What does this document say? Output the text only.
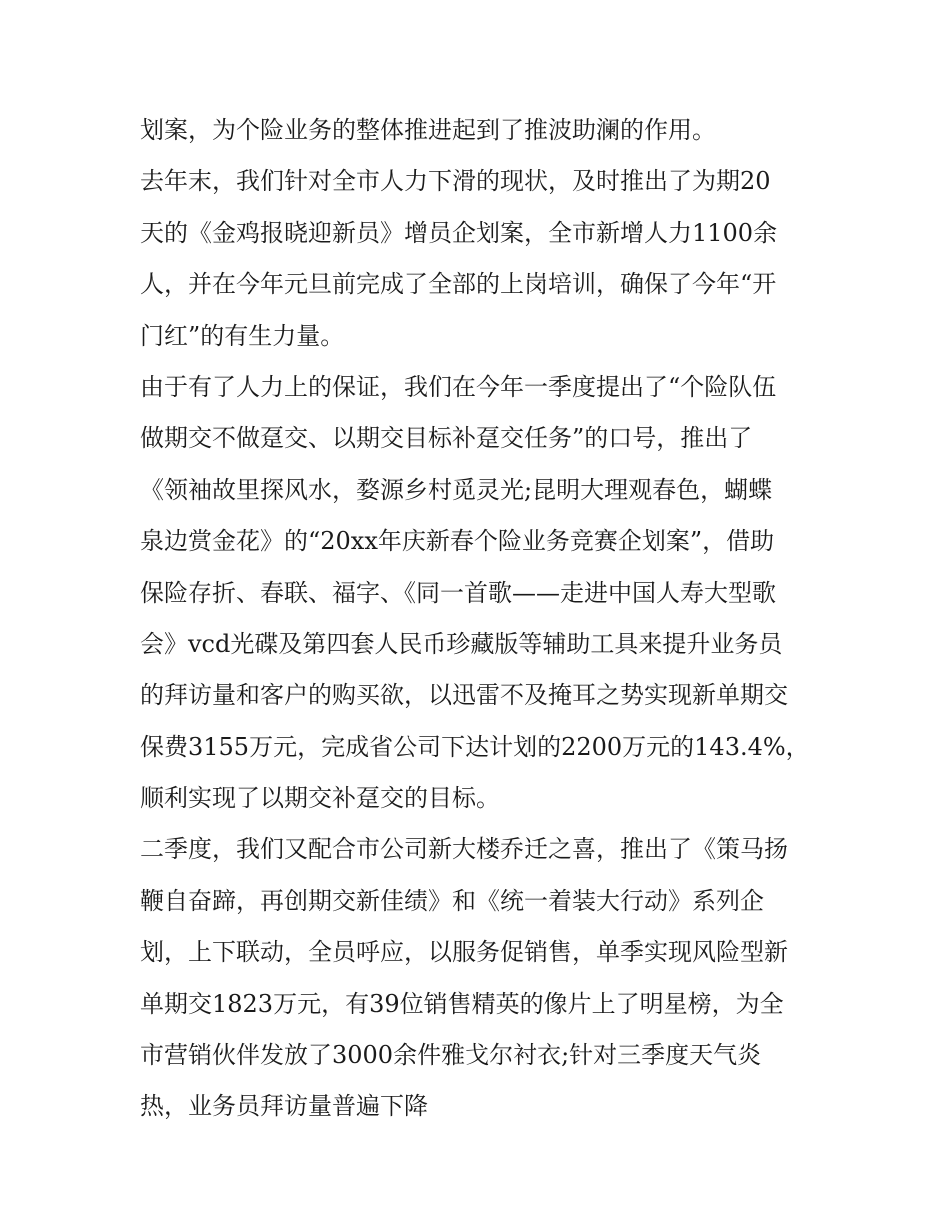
划案，为个险业务的整体推进起到了推波助澜的作用。
去年末，我们针对全市人力下滑的现状，及时推出了为期20
天的《金鸡报晓迎新员》增员企划案，全市新增人力1100余
人，并在今年元旦前完成了全部的上岗培训，确保了今年“开
门红”的有生力量。
由于有了人力上的保证，我们在今年一季度提出了“个险队伍
做期交不做趸交、以期交目标补趸交任务”的口号，推出了
《领袖故里探风水，婺源乡村觅灵光;昆明大理观春色，蝴蝶
泉边赏金花》的“20xx年庆新春个险业务竞赛企划案”，借助
保险存折、春联、福字、《同一首歌——走进中国人寿大型歌
会》vcd光碟及第四套人民币珍藏版等辅助工具来提升业务员
的拜访量和客户的购买欲，以迅雷不及掩耳之势实现新单期交
保费3155万元，完成省公司下达计划的2200万元的143.4%，
顺利实现了以期交补趸交的目标。
二季度，我们又配合市公司新大楼乔迁之喜，推出了《策马扬
鞭自奋蹄，再创期交新佳绩》和《统一着装大行动》系列企
划，上下联动，全员呼应，以服务促销售，单季实现风险型新
单期交1823万元，有39位销售精英的像片上了明星榜，为全
市营销伙伴发放了3000余件雅戈尔衬衣;针对三季度天气炎
热，业务员拜访量普遍下降
